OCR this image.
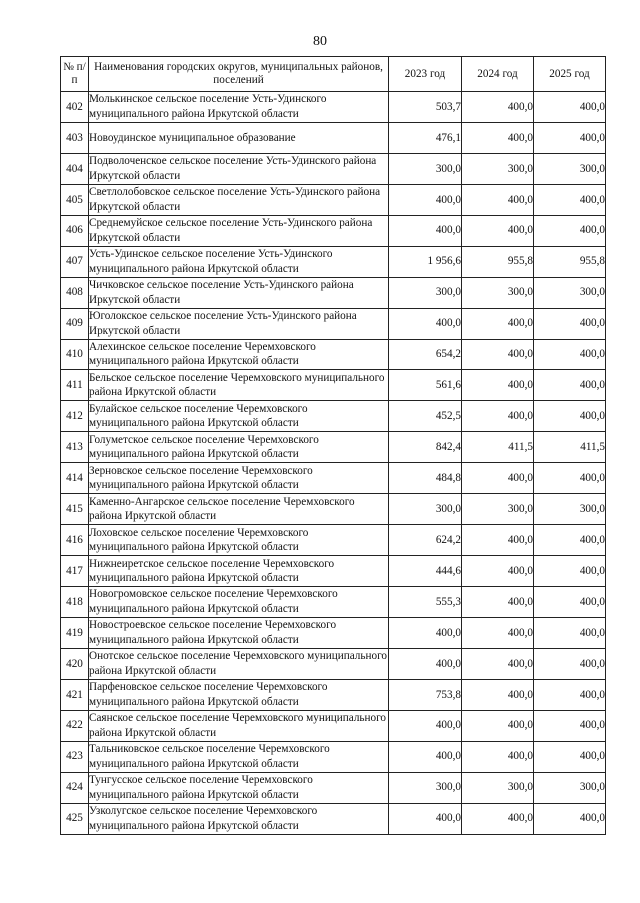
80
№ п/п	Наименования городских округов, муниципальных районов, поселений	2023 год	2024 год	2025 год
402	Молькинское сельское поселение Усть-Удинского муниципального района Иркутской области	503,7	400,0	400,0
403	Новоудинское муниципальное образование	476,1	400,0	400,0
404	Подволоченское сельское поселение Усть-Удинского района Иркутской области	300,0	300,0	300,0
405	Светлолобовское сельское поселение Усть-Удинского района Иркутской области	400,0	400,0	400,0
406	Среднемуйское сельское поселение Усть-Удинского района Иркутской области	400,0	400,0	400,0
407	Усть-Удинское сельское поселение Усть-Удинского муниципального района Иркутской области	1 956,6	955,8	955,8
408	Чичковское сельское поселение Усть-Удинского района Иркутской области	300,0	300,0	300,0
409	Юголокское сельское поселение Усть-Удинского района Иркутской области	400,0	400,0	400,0
410	Алехинское сельское поселение Черемховского муниципального района Иркутской области	654,2	400,0	400,0
411	Бельское сельское поселение Черемховского муниципального района Иркутской области	561,6	400,0	400,0
412	Булайское сельское поселение Черемховского муниципального района Иркутской области	452,5	400,0	400,0
413	Голуметское сельское поселение Черемховского муниципального района Иркутской области	842,4	411,5	411,5
414	Зерновское сельское поселение Черемховского муниципального района Иркутской области	484,8	400,0	400,0
415	Каменно-Ангарское сельское поселение Черемховского района Иркутской области	300,0	300,0	300,0
416	Лоховское сельское поселение Черемховского муниципального района Иркутской области	624,2	400,0	400,0
417	Нижнеиретское сельское поселение Черемховского муниципального района Иркутской области	444,6	400,0	400,0
418	Новогромовское сельское поселение Черемховского муниципального района Иркутской области	555,3	400,0	400,0
419	Новостроевское сельское поселение Черемховского муниципального района Иркутской области	400,0	400,0	400,0
420	Онотское сельское поселение Черемховского муниципального района Иркутской области	400,0	400,0	400,0
421	Парфеновское сельское поселение Черемховского муниципального района Иркутской области	753,8	400,0	400,0
422	Саянское сельское поселение Черемховского муниципального района Иркутской области	400,0	400,0	400,0
423	Тальниковское сельское поселение Черемховского муниципального района Иркутской области	400,0	400,0	400,0
424	Тунгусское сельское поселение Черемховского муниципального района Иркутской области	300,0	300,0	300,0
425	Узколугское сельское поселение Черемховского муниципального района Иркутской области	400,0	400,0	400,0
